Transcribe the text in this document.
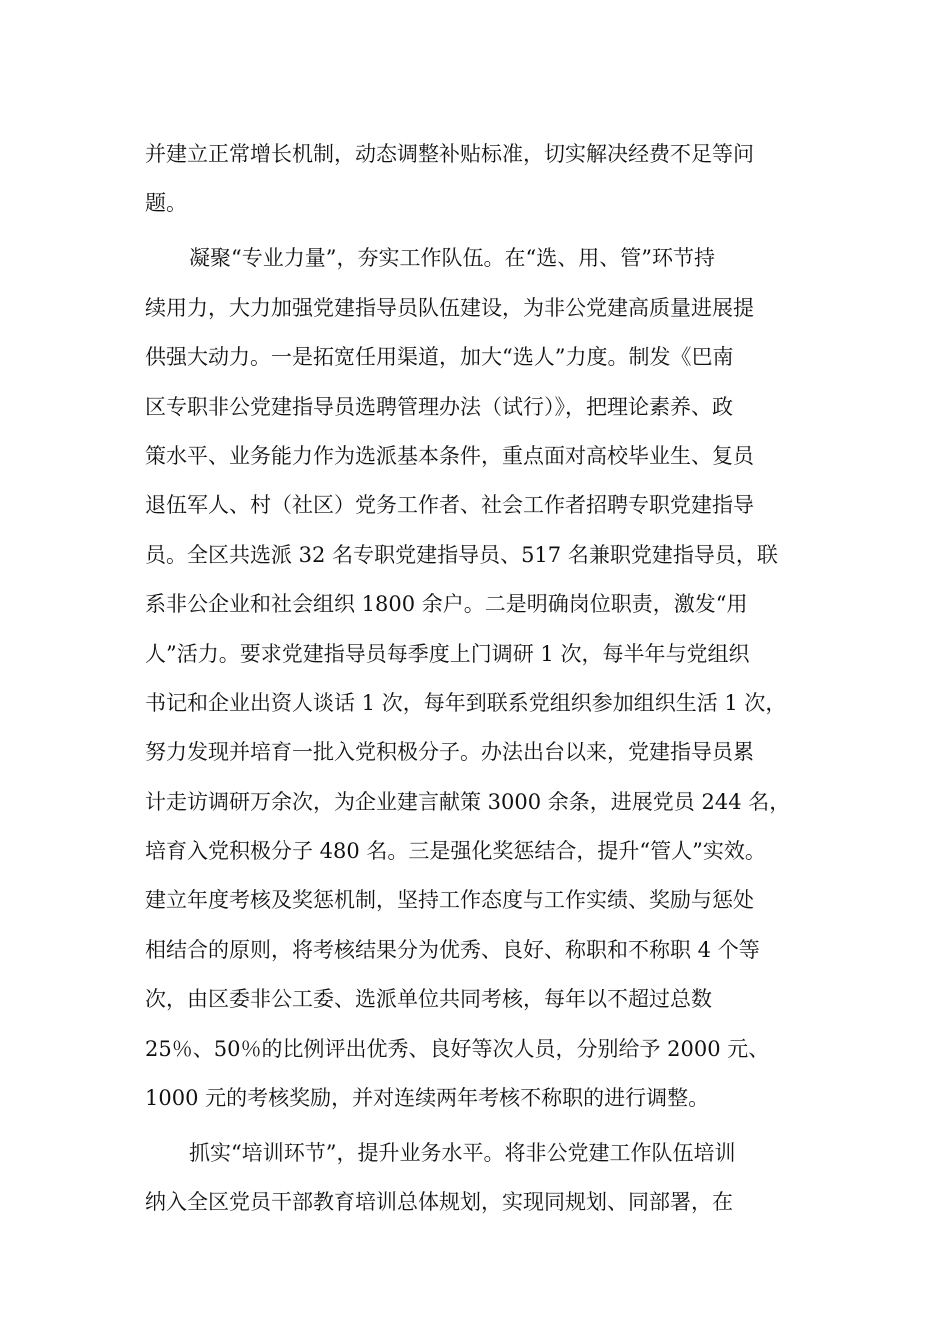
并建立正常增长机制，动态调整补贴标准，切实解决经费不足等问
题。
凝聚“专业力量”，夯实工作队伍。在“选、用、管”环节持
续用力，大力加强党建指导员队伍建设，为非公党建高质量进展提
供强大动力。一是拓宽任用渠道，加大“选人”力度。制发《巴南
区专职非公党建指导员选聘管理办法（试行）》，把理论素养、政
策水平、业务能力作为选派基本条件，重点面对高校毕业生、复员
退伍军人、村（社区）党务工作者、社会工作者招聘专职党建指导
员。全区共选派 32 名专职党建指导员、517 名兼职党建指导员，联
系非公企业和社会组织 1800 余户。二是明确岗位职责，激发“用
人”活力。要求党建指导员每季度上门调研 1 次，每半年与党组织
书记和企业出资人谈话 1 次，每年到联系党组织参加组织生活 1 次，
努力发现并培育一批入党积极分子。办法出台以来，党建指导员累
计走访调研万余次，为企业建言献策 3000 余条，进展党员 244 名，
培育入党积极分子 480 名。三是强化奖惩结合，提升“管人”实效。
建立年度考核及奖惩机制，坚持工作态度与工作实绩、奖励与惩处
相结合的原则，将考核结果分为优秀、良好、称职和不称职 4 个等
次，由区委非公工委、选派单位共同考核，每年以不超过总数
25％、50％的比例评出优秀、良好等次人员，分别给予 2000 元、
1000 元的考核奖励，并对连续两年考核不称职的进行调整。
抓实“培训环节”，提升业务水平。将非公党建工作队伍培训
纳入全区党员干部教育培训总体规划，实现同规划、同部署，在
